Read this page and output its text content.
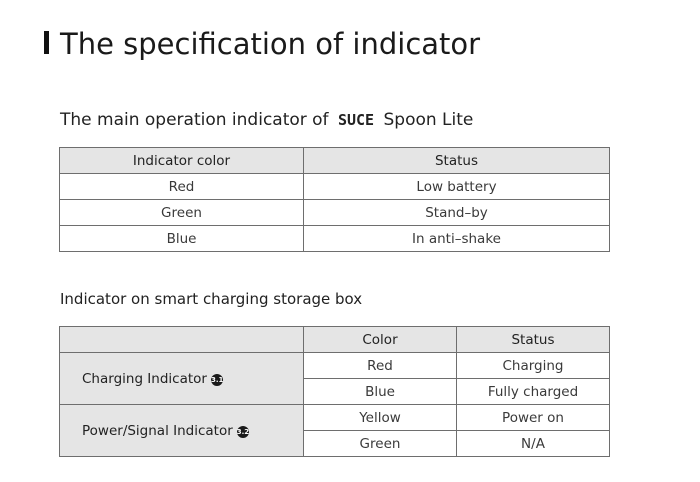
The specification of indicator
The main operation indicator of SUCE Spoon Lite
Indicator color	Status
Red	Low battery
Green	Stand–by
Blue	In anti–shake
Indicator on smart charging storage box
	Color	Status
Charging Indicator 3.1	Red	Charging
	Blue	Fully charged
Power/Signal Indicator 3.2	Yellow	Power on
	Green	N/A
